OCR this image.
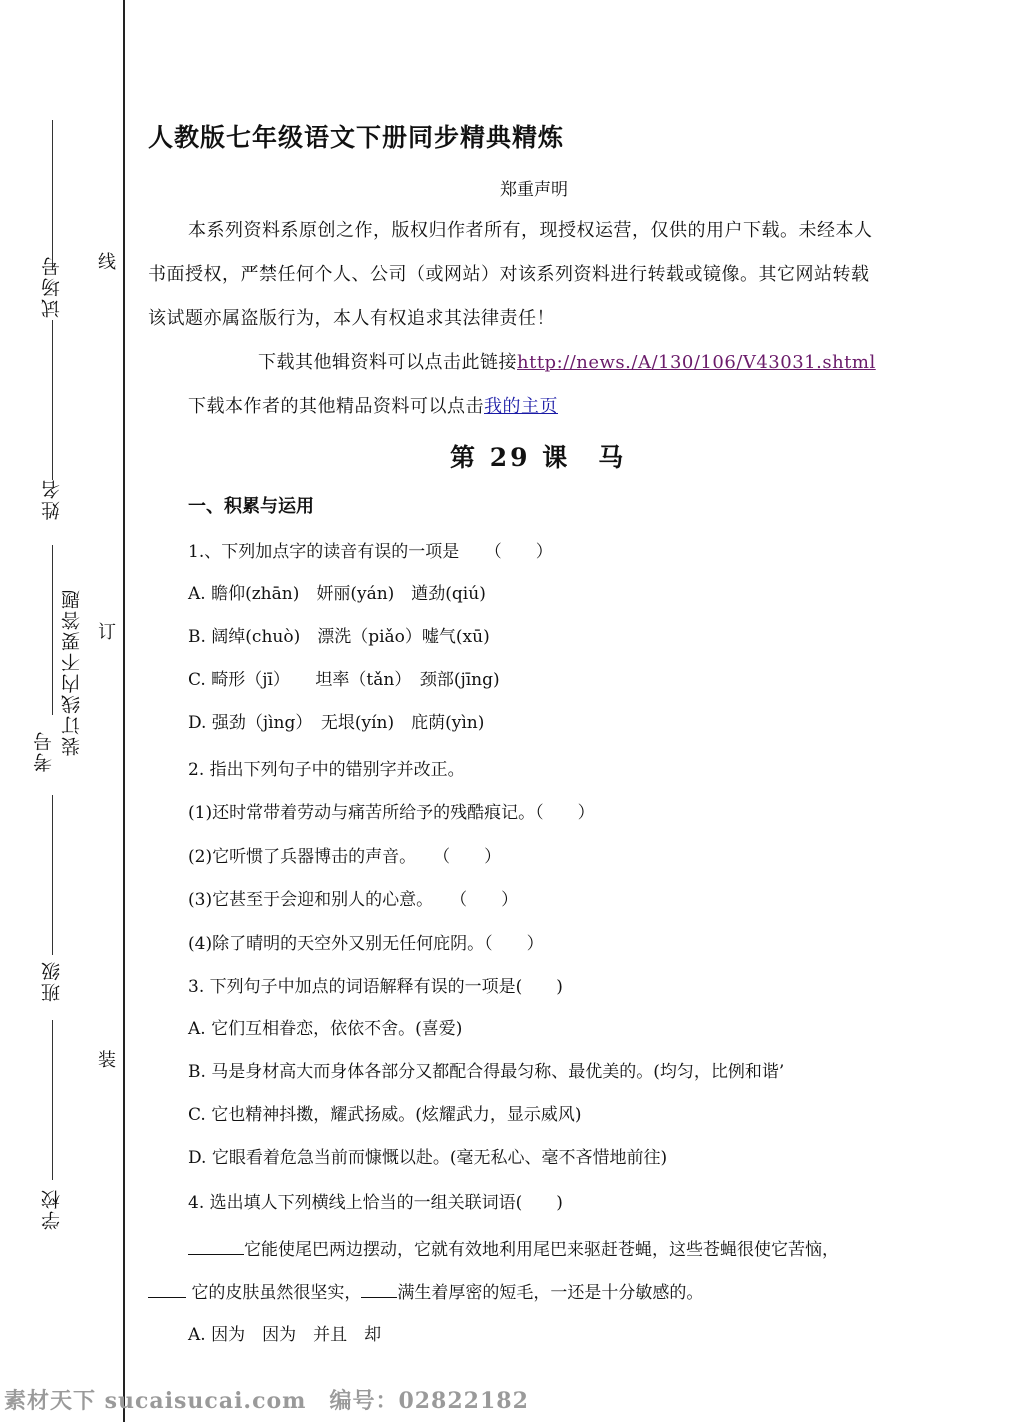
试场号
姓名
装订线内不要答题
考号
班级
学校
线
订
装
人教版七年级语文下册同步精典精炼
郑重声明
本系列资料系原创之作，版权归作者所有，现授权运营，仅供的用户下载。未经本人
书面授权，严禁任何个人、公司（或网站）对该系列资料进行转载或镜像。其它网站转载
该试题亦属盗版行为，本人有权追求其法律责任！
下载其他辑资料可以点击此链接http://news./A/130/106/V43031.shtml
下载本作者的其他精品资料可以点击我的主页
第 29 课　马
一、积累与运用
1.、下列加点字的读音有误的一项是　　（　　）
A. 瞻仰(zhān)　妍丽(yán)　遒劲(qiú)
B. 阔绰(chuò)　漂洗（piǎo）嘘气(xū)
C. 畸形（jī）　　坦率（tǎn）　颈部(jīng)
D. 强劲（jìng）　无垠(yín)　庇荫(yìn)
2. 指出下列句子中的错别字并改正。
(1)还时常带着劳动与痛苦所给予的残酷痕记。（　　）
(2)它听惯了兵器博击的声音。　　（　　）
(3)它甚至于会迎和别人的心意。　　（　　）
(4)除了晴明的天空外又别无任何庇阴。（　　）
3. 下列句子中加点的词语解释有误的一项是(　　)
A. 它们互相眷恋，依依不舍。(喜爱)
B. 马是身材高大而身体各部分又都配合得最匀称、最优美的。(均匀，比例和谐’
C. 它也精神抖擞，耀武扬威。(炫耀武力，显示威风)
D. 它眼看着危急当前而慷慨以赴。(毫无私心、毫不吝惜地前往)
4. 选出填人下列横线上恰当的一组关联词语(　　)
它能使尾巴两边摆动，它就有效地利用尾巴来驱赶苍蝇，这些苍蝇很使它苦恼，
它的皮肤虽然很坚实， 满生着厚密的短毛，一还是十分敏感的。
A. 因为　因为　并且　却
素材天下 sucaisucai.com　编号：02822182
